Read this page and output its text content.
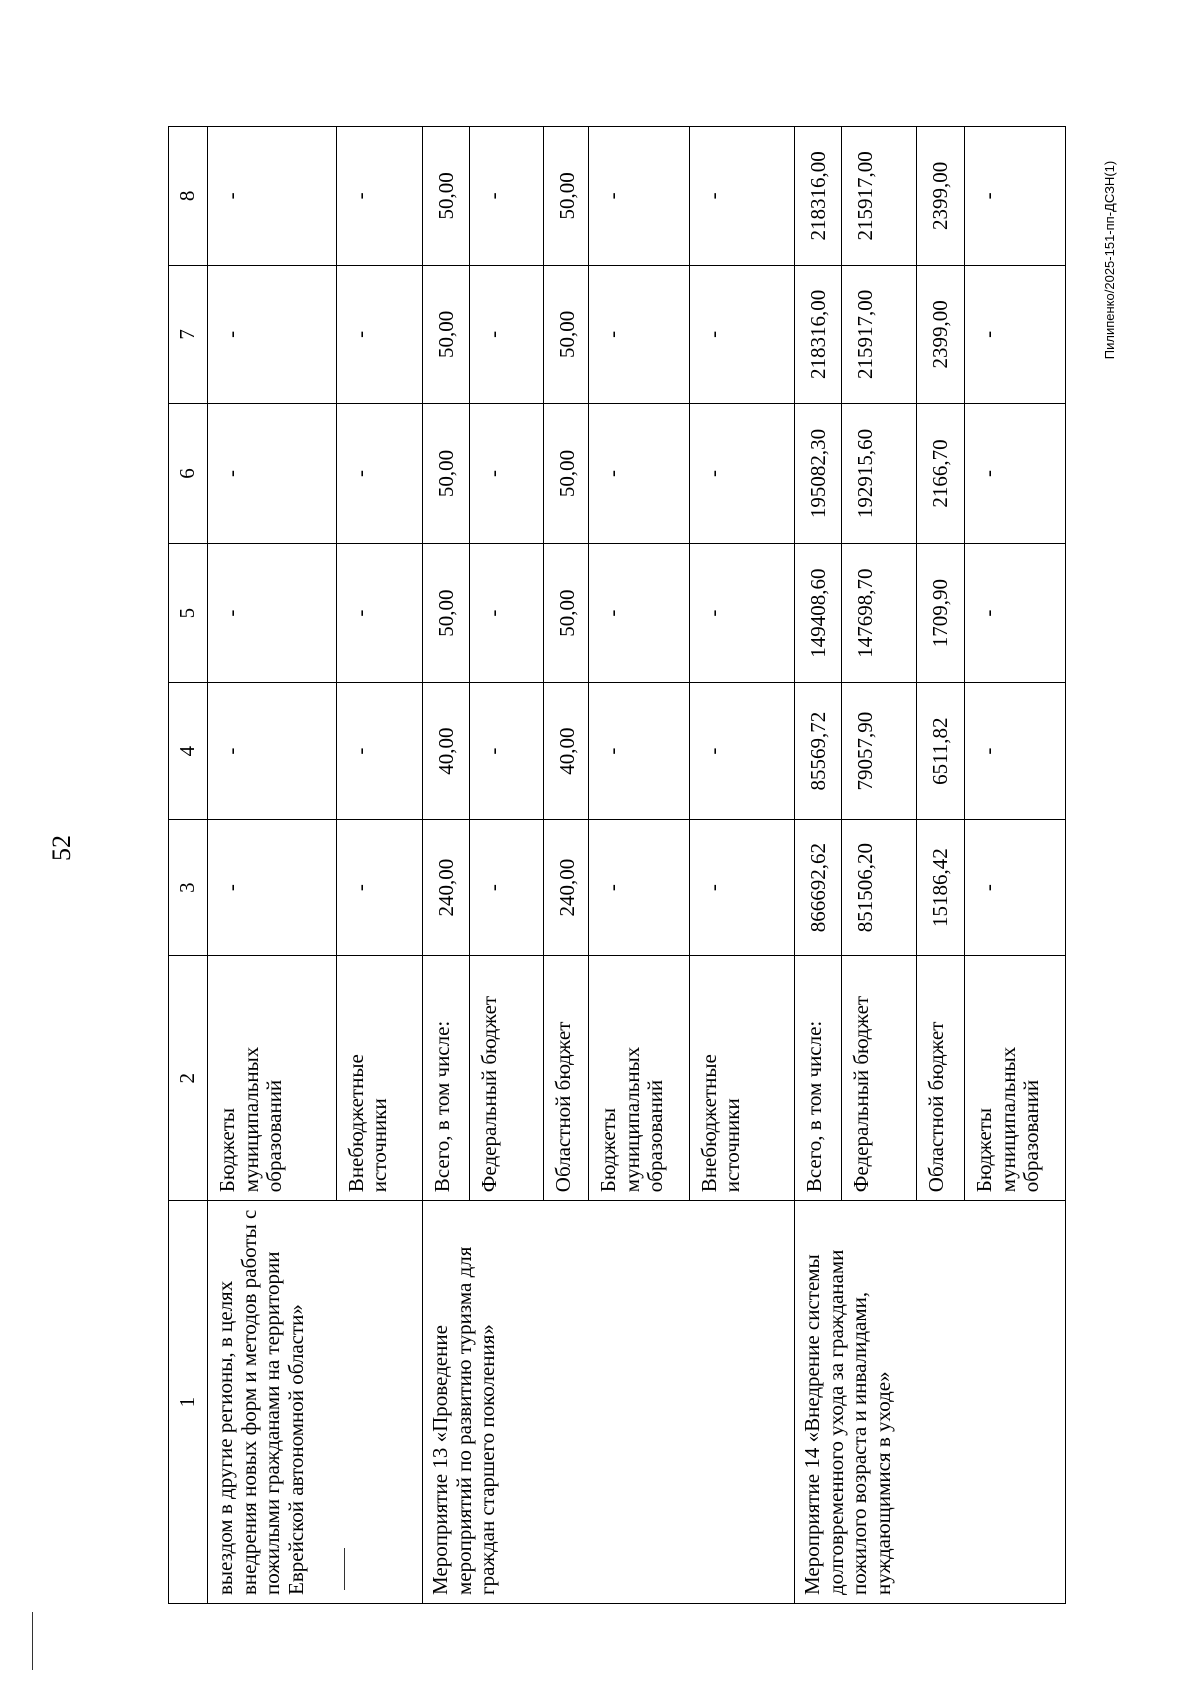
52
Пилипенко/2025-151-пп-ДСЗН(1)
1	2	3	4	5	6	7	8
выездом в другие регионы, в целях внедрения новых форм и методов работы с пожилыми гражданами на территории Еврейской автономной области»	Бюджеты муниципальных образований	-	-	-	-	-	-
	Внебюджетные источники	-	-	-	-	-	-
Мероприятие 13 «Проведение мероприятий по развитию туризма для граждан старшего поколения»	Всего, в том числе:	240,00	40,00	50,00	50,00	50,00	50,00
	Федеральный бюджет	-	-	-	-	-	-
	Областной бюджет	240,00	40,00	50,00	50,00	50,00	50,00
	Бюджеты муниципальных образований	-	-	-	-	-	-
	Внебюджетные источники	-	-	-	-	-	-
Мероприятие 14 «Внедрение системы долговременного ухода за гражданами пожилого возраста и инвалидами, нуждающимися в уходе»	Всего, в том числе:	866692,62	85569,72	149408,60	195082,30	218316,00	218316,00
	Федеральный бюджет	851506,20	79057,90	147698,70	192915,60	215917,00	215917,00
	Областной бюджет	15186,42	6511,82	1709,90	2166,70	2399,00	2399,00
	Бюджеты муниципальных образований	-	-	-	-	-	-
